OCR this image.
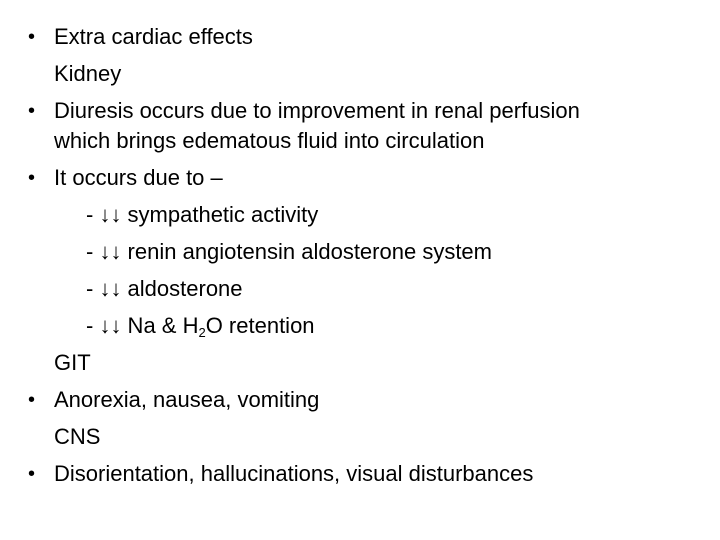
• Extra cardiac effects
Kidney
• Diuresis occurs due to improvement in renal perfusion
which brings edematous fluid into circulation
• It occurs due to –
- ↓↓ sympathetic activity
- ↓↓ renin angiotensin aldosterone system
- ↓↓ aldosterone
- ↓↓ Na & $H_2O$ retention
GIT
• Anorexia, nausea, vomiting
CNS
• Disorientation, hallucinations, visual disturbances
